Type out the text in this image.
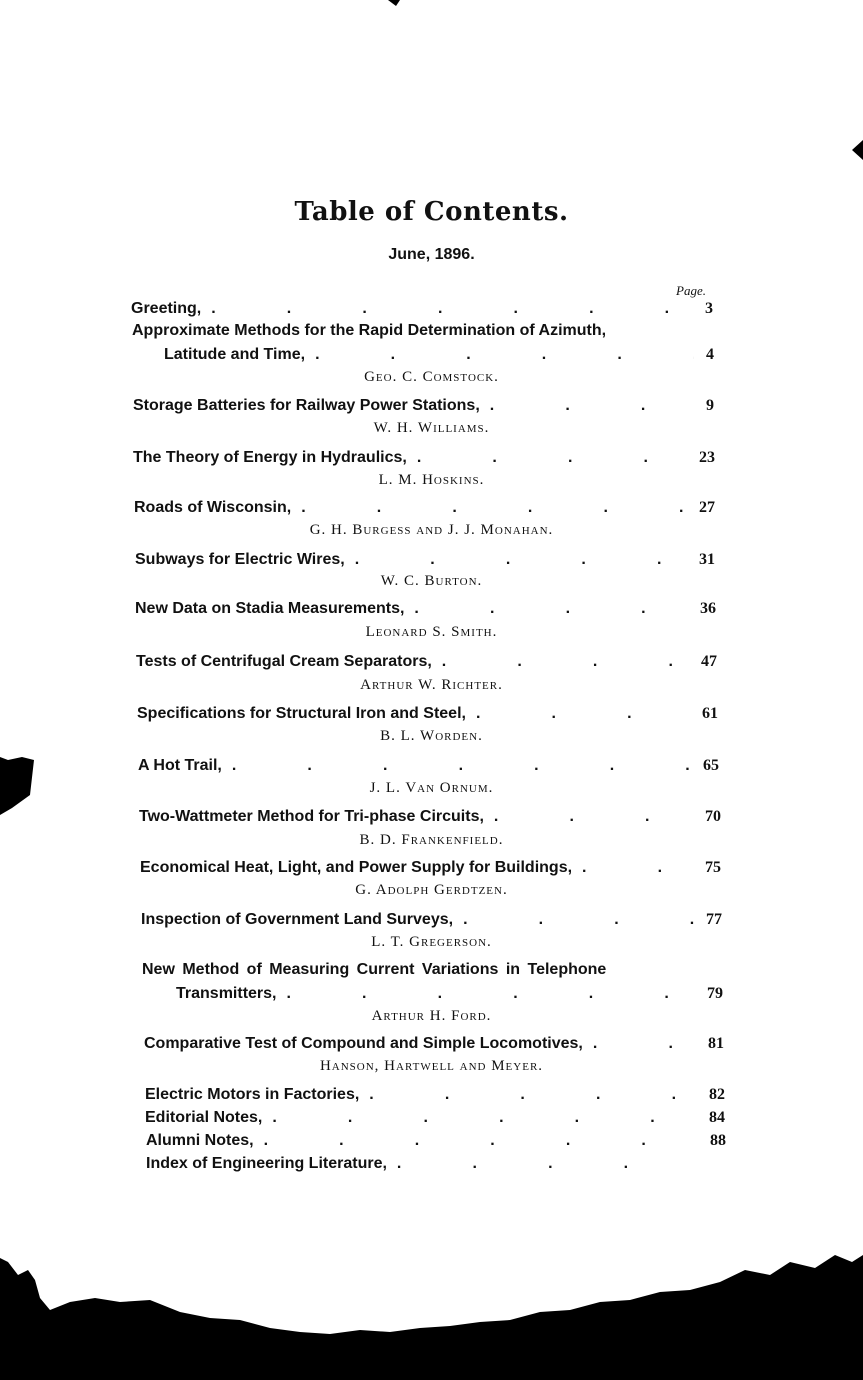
Table of Contents.
June, 1896.
Page.
Greeting, .	3
Approximate Methods for the Rapid Determination of Azimuth,
Latitude and Time, .	4
Geo. C. Comstock.
Storage Batteries for Railway Power Stations, .	9
W. H. Williams.
The Theory of Energy in Hydraulics, .	23
L. M. Hoskins.
Roads of Wisconsin, .	27
G. H. Burgess and J. J. Monahan.
Subways for Electric Wires, .	31
W. C. Burton.
New Data on Stadia Measurements, .	36
Leonard S. Smith.
Tests of Centrifugal Cream Separators, .	47
Arthur W. Richter.
Specifications for Structural Iron and Steel, .	61
B. L. Worden.
A Hot Trail, .	65
J. L. Van Ornum.
Two-Wattmeter Method for Tri-phase Circuits, .	70
B. D. Frankenfield.
Economical Heat, Light, and Power Supply for Buildings, .	75
G. Adolph Gerdtzen.
Inspection of Government Land Surveys, .	77
L. T. Gregerson.
New Method of Measuring Current Variations in Telephone
Transmitters, .	79
Arthur H. Ford.
Comparative Test of Compound and Simple Locomotives, .	81
Hanson, Hartwell and Meyer.
Electric Motors in Factories, .	82
Editorial Notes, .	84
Alumni Notes, .	88
Index of Engineering Literature,
.
